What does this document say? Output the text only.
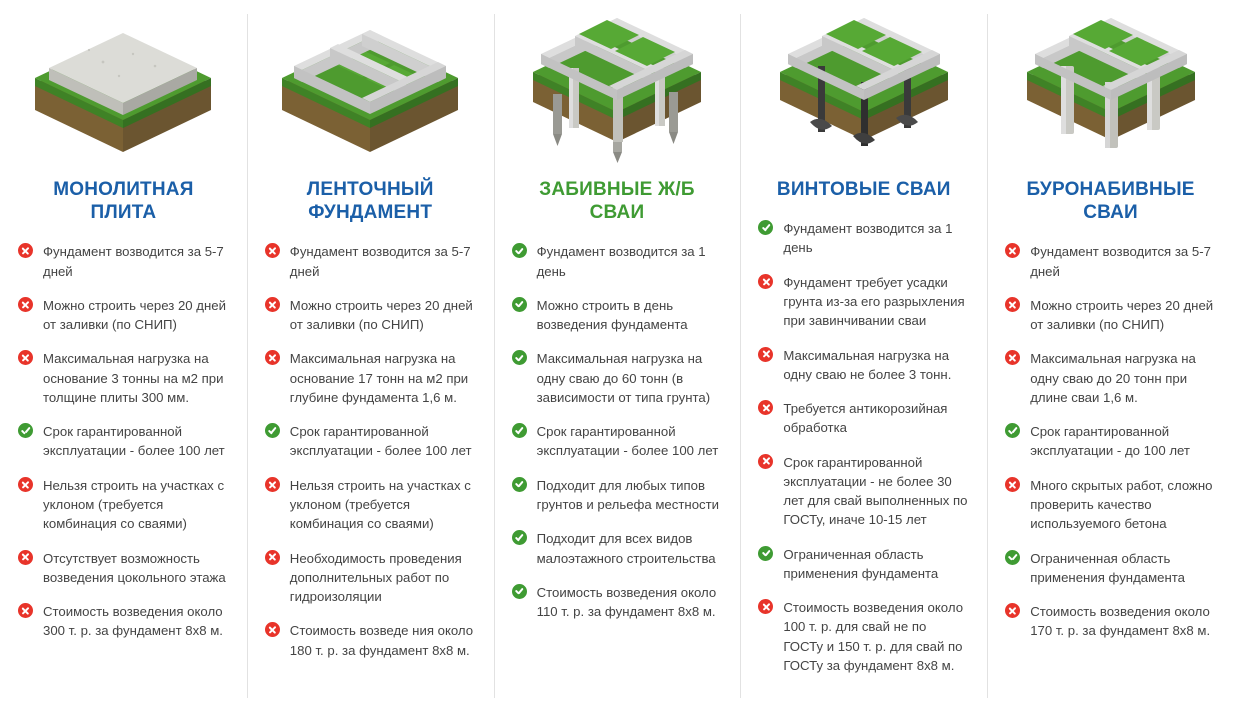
МОНОЛИТНАЯ ПЛИТА
Фундамент возводится за 5-7 дней
Можно строить через 20 дней от заливки (по СНИП)
Максимальная нагрузка на основание 3 тонны на м2 при толщине плиты 300 мм.
Срок гарантированной эксплуатации - более 100 лет
Нельзя строить на участках с уклоном (требуется комбинация со сваями)
Отсутствует возможность возведения цокольного этажа
Стоимость возведения около 300 т. р. за фундамент 8х8 м.
ЛЕНТОЧНЫЙ ФУНДАМЕНТ
Фундамент возводится за 5-7 дней
Можно строить через 20 дней от заливки (по СНИП)
Максимальная нагрузка на основание 17 тонн на м2 при глубине фундамента 1,6 м.
Срок гарантированной эксплуатации - более 100 лет
Нельзя строить на участках с уклоном (требуется комбинация со сваями)
Необходимость проведения дополнительных работ по гидроизоляции
Стоимость возведе ния около 180 т. р. за фундамент 8х8 м.
ЗАБИВНЫЕ Ж/Б СВАИ
Фундамент возводится за 1 день
Можно строить в день возведения фундамента
Максимальная нагрузка на одну сваю до 60 тонн (в зависимости от типа грунта)
Срок гарантированной эксплуатации - более 100 лет
Подходит для любых типов грунтов и рельефа местности
Подходит для всех видов малоэтажного строительства
Стоимость возведения около 110 т. р. за фундамент 8х8 м.
ВИНТОВЫЕ СВАИ
Фундамент возводится за 1 день
Фундамент требует усадки грунта из-за его разрыхления при завинчивании сваи
Максимальная нагрузка на одну сваю не более 3 тонн.
Требуется антикорозийная обработка
Срок гарантированной эксплуатации - не более 30 лет для свай выполненных по ГОСТу, иначе 10-15 лет
Ограниченная область применения фундамента
Стоимость возведения около 100 т. р. для свай не по ГОСТу и 150 т. р. для свай по ГОСТу за фундамент 8х8 м.
БУРОНАБИВНЫЕ СВАИ
Фундамент возводится за 5-7 дней
Можно строить через 20 дней от заливки (по СНИП)
Максимальная нагрузка на одну сваю до 20 тонн при длине сваи 1,6 м.
Срок гарантированной эксплуатации - до 100 лет
Много скрытых работ, сложно проверить качество используемого бетона
Ограниченная область применения фундамента
Стоимость возведения около 170 т. р. за фундамент 8х8 м.
